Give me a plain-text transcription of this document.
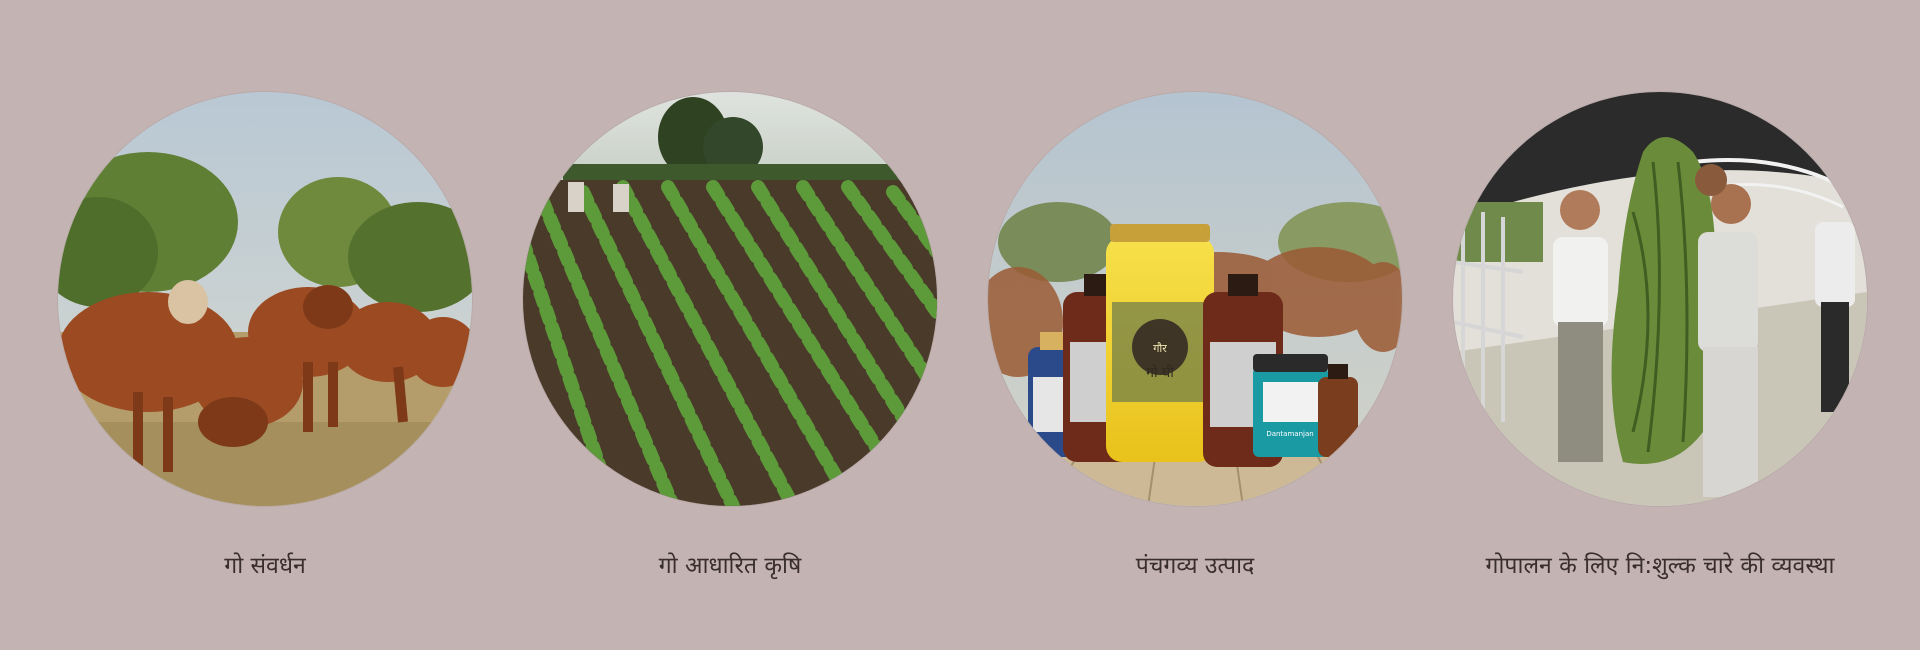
गो संवर्धन	गो आधारित कृषि
गो घी
गौर
Dantamanjan
पंचगव्य उत्पाद	गोपालन के लिए नि:शुल्क चारे की व्यवस्था
